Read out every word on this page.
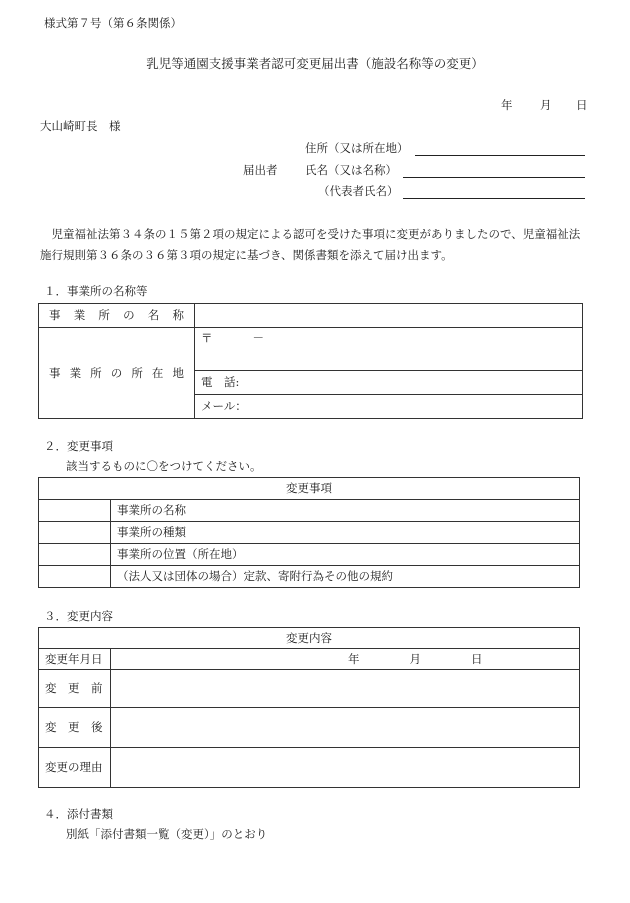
様式第７号（第６条関係）
乳児等通園支援事業者認可変更届出書（施設名称等の変更）
年 月 日
大山崎町長　様
住所（又は所在地）
届出者 氏名（又は名称）
（代表者氏名）
児童福祉法第３４条の１５第２項の規定による認可を受けた事項に変更がありましたので、児童福祉法施行規則第３６条の３６第３項の規定に基づき、関係書類を添えて届け出ます。
１．事業所の名称等
事業所の名称	
事業所の所在地	〒 －
	電　話:
	メール：
２．変更事項
該当するものに〇をつけてください。
変更事項	
	事業所の名称
	事業所の種類
	事業所の位置（所在地）
	（法人又は団体の場合）定款、寄附行為その他の規約
３．変更内容
変更内容	
変更年月日	年 月 日
変　更　前	
変　更　後	
変更の理由	
４．添付書類
別紙「添付書類一覧（変更）」のとおり
